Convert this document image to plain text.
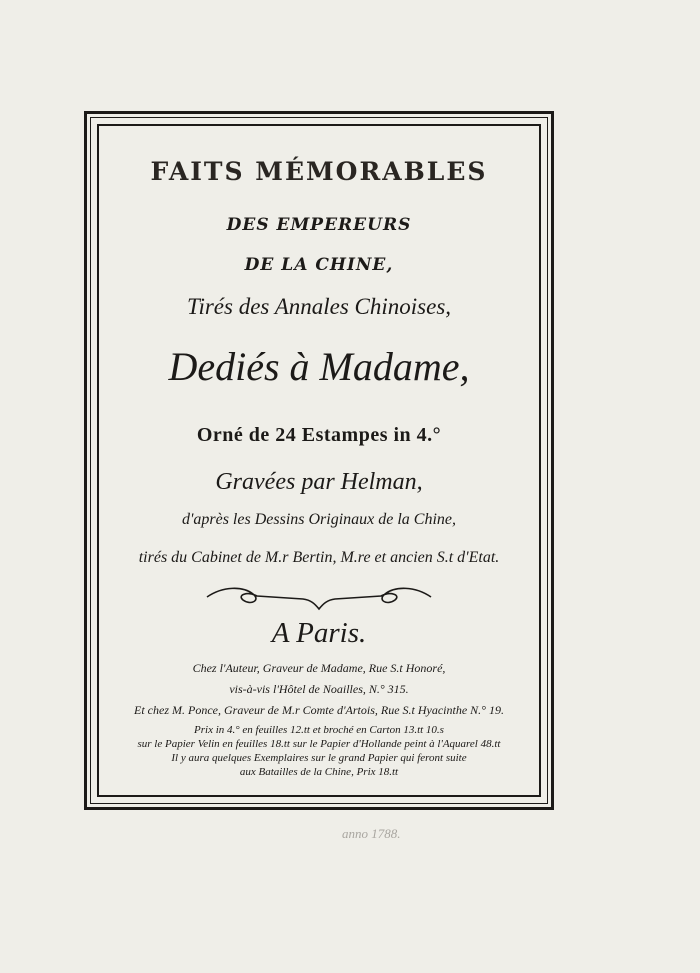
FAITS MÉMORABLES
DES EMPEREURS
DE LA CHINE,
Tirés des Annales Chinoises,
Dediés à Madame,
Orné de 24 Estampes in 4.°
Gravées par Helman,
d'après les Dessins Originaux de la Chine,
tirés du Cabinet de M.r Bertin, M.re et ancien S.t d'Etat.
A Paris.
Chez l'Auteur, Graveur de Madame, Rue S.t Honoré,
vis-à-vis l'Hôtel de Noailles, N.° 315.
Et chez M. Ponce, Graveur de M.r Comte d'Artois, Rue S.t Hyacinthe N.° 19.
Prix in 4.° en feuilles 12.tt et broché en Carton 13.tt 10.s
sur le Papier Velin en feuilles 18.tt sur le Papier d'Hollande peint à l'Aquarel 48.tt
Il y aura quelques Exemplaires sur le grand Papier qui feront suite
aux Batailles de la Chine, Prix 18.tt
anno 1788.
